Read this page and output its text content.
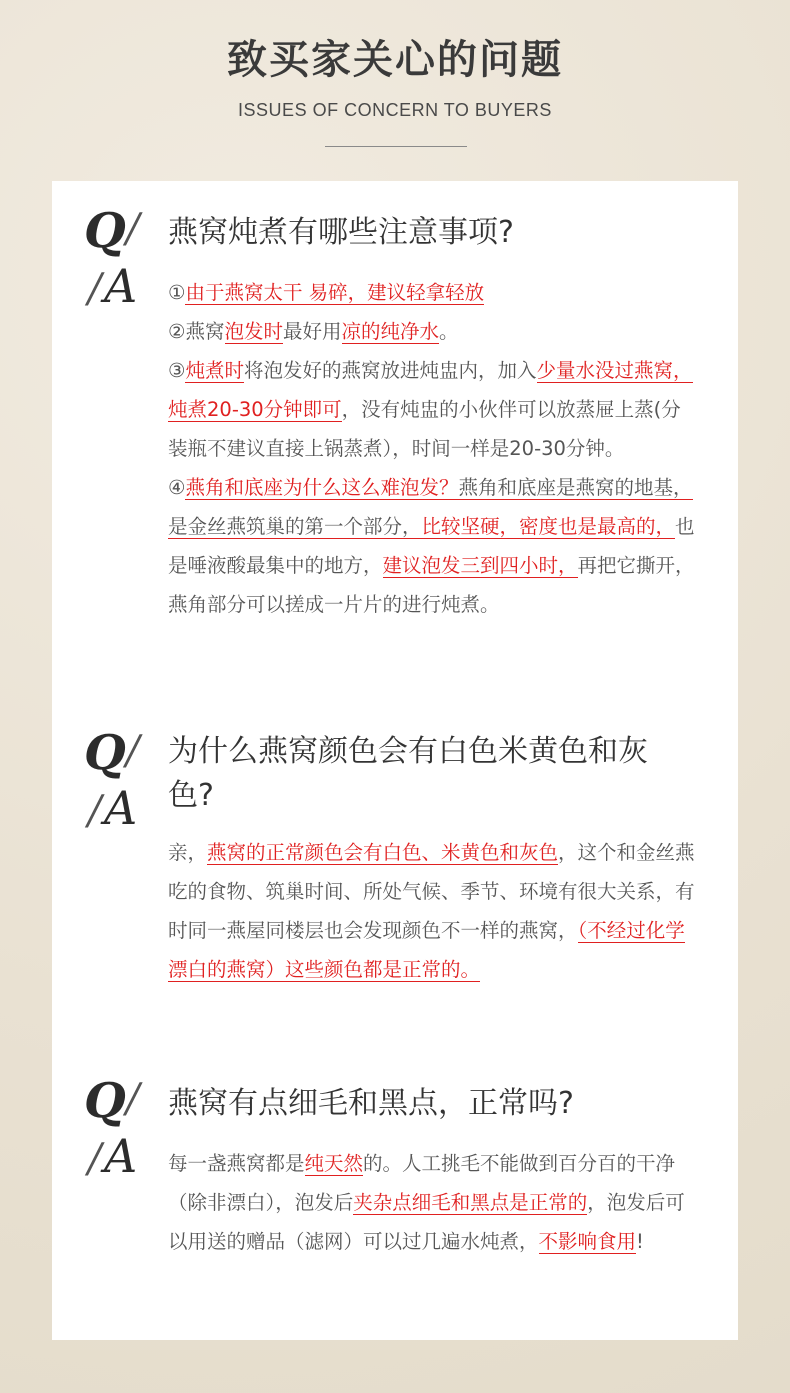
致买家关心的问题
ISSUES OF CONCERN TO BUYERS
Q /
/ A
燕窝炖煮有哪些注意事项?

①由于燕窝太干 易碎，建议轻拿轻放

②燕窝泡发时最好用凉的纯净水。

③炖煮时将泡发好的燕窝放进炖盅内，加入少量水没过燕窝，炖煮20-30分钟即可，没有炖盅的小伙伴可以放蒸屉上蒸(分装瓶不建议直接上锅蒸煮），时间一样是20-30分钟。

④燕角和底座为什么这么难泡发？燕角和底座是燕窝的地基，是金丝燕筑巢的第一个部分，比较坚硬，密度也是最高的，也是唾液酸最集中的地方，建议泡发三到四小时，再把它撕开，燕角部分可以搓成一片片的进行炖煮。

Q /
/ A
为什么燕窝颜色会有白色米黄色和灰色?

亲，燕窝的正常颜色会有白色、米黄色和灰色，这个和金丝燕吃的食物、筑巢时间、所处气候、季节、环境有很大关系，有时同一燕屋同楼层也会发现颜色不一样的燕窝，（不经过化学漂白的燕窝）这些颜色都是正常的。

Q /
/ A
燕窝有点细毛和黑点，正常吗?

每一盏燕窝都是纯天然的。人工挑毛不能做到百分百的干净（除非漂白），泡发后夹杂点细毛和黑点是正常的，泡发后可以用送的赠品（滤网）可以过几遍水炖煮，不影响食用!
